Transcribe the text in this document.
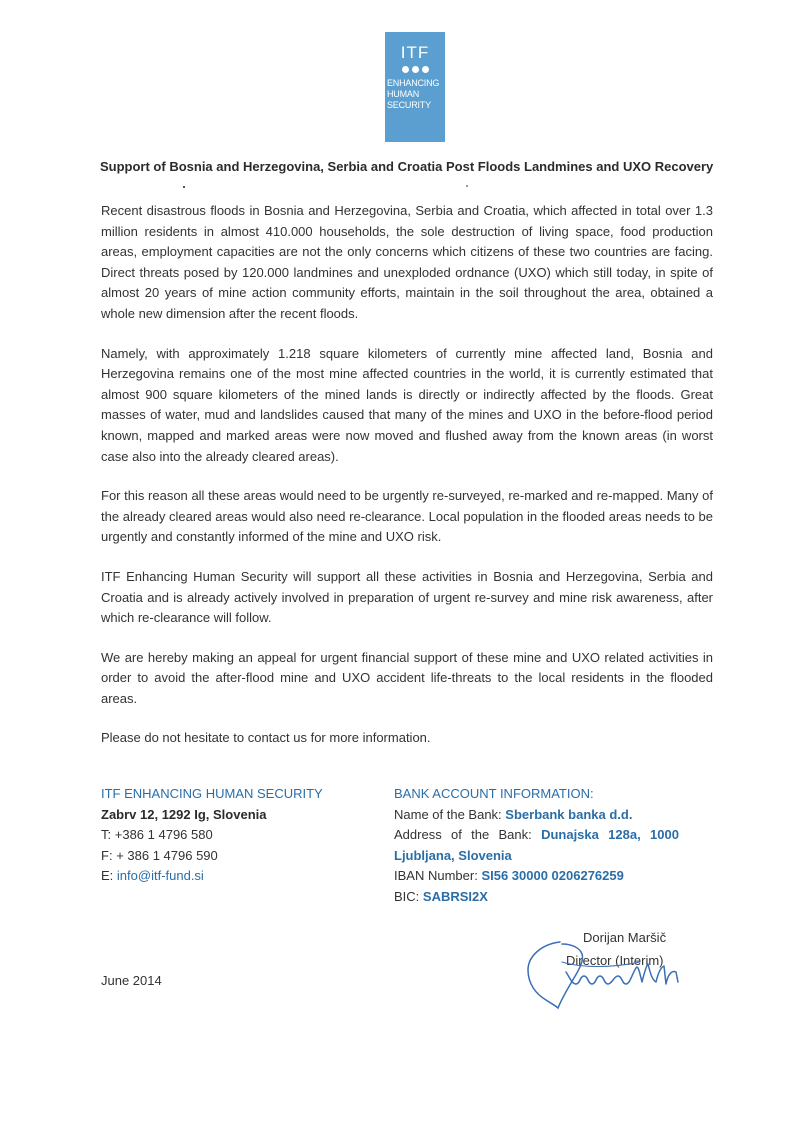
ITF
ENHANCING
HUMAN
SECURITY
Support of Bosnia and Herzegovina, Serbia and Croatia Post Floods Landmines and UXO Recovery

Recent disastrous floods in Bosnia and Herzegovina, Serbia and Croatia, which affected in total over 1.3 million residents in almost 410.000 households, the sole destruction of living space, food production areas, employment capacities are not the only concerns which citizens of these two countries are facing. Direct threats posed by 120.000 landmines and unexploded ordnance (UXO) which still today, in spite of almost 20 years of mine action community efforts, maintain in the soil throughout the area, obtained a whole new dimension after the recent floods.

Namely, with approximately 1.218 square kilometers of currently mine affected land, Bosnia and Herzegovina remains one of the most mine affected countries in the world, it is currently estimated that almost 900 square kilometers of the mined lands is directly or indirectly affected by the floods. Great masses of water, mud and landslides caused that many of the mines and UXO in the before-flood period known, mapped and marked areas were now moved and flushed away from the known areas (in worst case also into the already cleared areas).

For this reason all these areas would need to be urgently re-surveyed, re-marked and re-mapped. Many of the already cleared areas would also need re-clearance. Local population in the flooded areas needs to be urgently and constantly informed of the mine and UXO risk.

ITF Enhancing Human Security will support all these activities in Bosnia and Herzegovina, Serbia and Croatia and is already actively involved in preparation of urgent re-survey and mine risk awareness, after which re-clearance will follow.

We are hereby making an appeal for urgent financial support of these mine and UXO related activities in order to avoid the after-flood mine and UXO accident life-threats to the local residents in the flooded areas.

Please do not hesitate to contact us for more information.

ITF ENHANCING HUMAN SECURITY
Zabrv 12, 1292 Ig, Slovenia
T: +386 1 4796 580
F: + 386 1 4796 590
E: info@itf-fund.si
BANK ACCOUNT INFORMATION:
Name of the Bank: Sberbank banka d.d.
Address of the Bank: Dunajska 128a, 1000
Ljubljana, Slovenia
IBAN Number: SI56 30000 0206276259
BIC: SABRSI2X
Dorijan Maršič
Director (Interim)
June 2014
